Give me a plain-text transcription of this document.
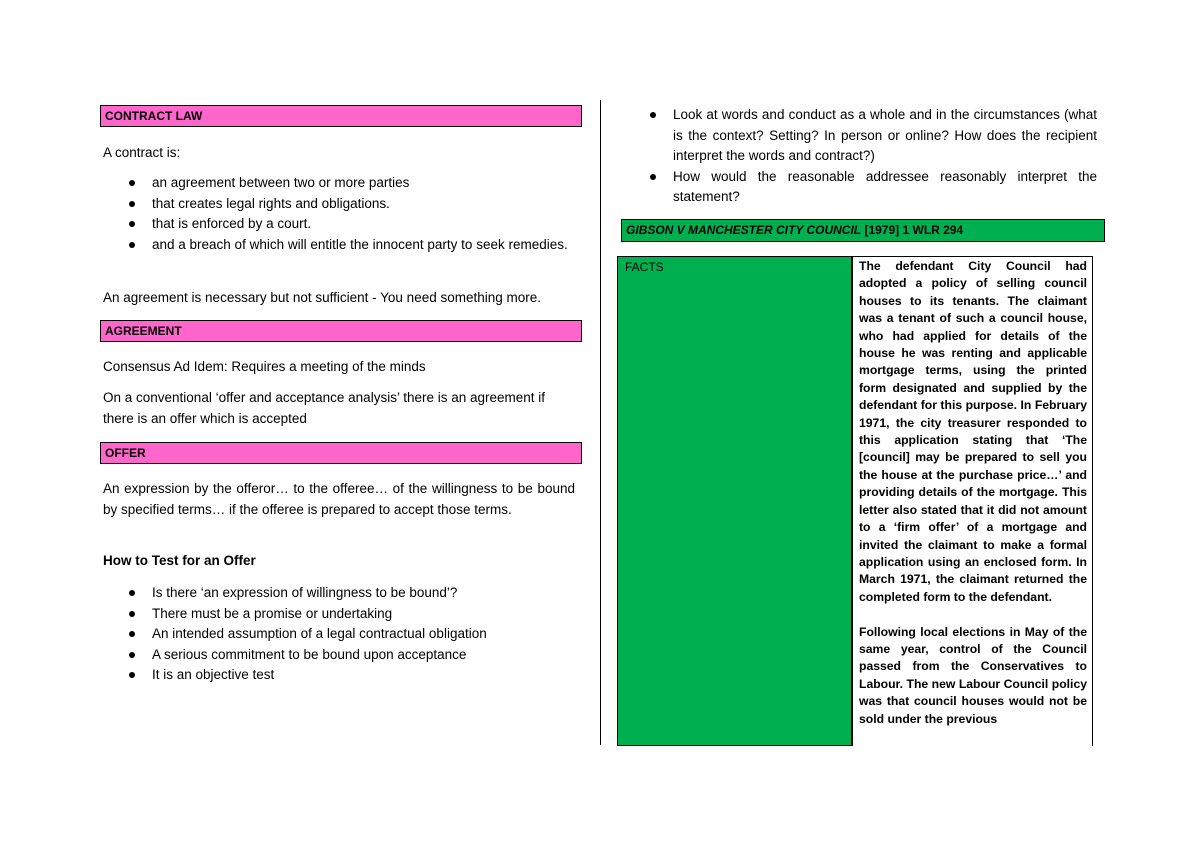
CONTRACT LAW
A contract is:
an agreement between two or more parties
that creates legal rights and obligations.
that is enforced by a court.
and a breach of which will entitle the innocent party to seek remedies.
An agreement is necessary but not sufficient - You need something more.
AGREEMENT
Consensus Ad Idem: Requires a meeting of the minds
On a conventional ‘offer and acceptance analysis’ there is an agreement if there is an offer which is accepted
OFFER
An expression by the offeror… to the offeree… of the willingness to be bound by specified terms… if the offeree is prepared to accept those terms.
How to Test for an Offer
Is there ‘an expression of willingness to be bound’?
There must be a promise or undertaking
An intended assumption of a legal contractual obligation
A serious commitment to be bound upon acceptance
It is an objective test
Look at words and conduct as a whole and in the circumstances (what is the context? Setting? In person or online? How does the recipient interpret the words and contract?)
How would the reasonable addressee reasonably interpret the statement?
GIBSON V MANCHESTER CITY COUNCIL [1979] 1 WLR 294
FACTS	The defendant City Council had adopted a policy of selling council houses to its tenants. The claimant was a tenant of such a council house, who had applied for details of the house he was renting and applicable mortgage terms, using the printed form designated and supplied by the defendant for this purpose. In February 1971, the city treasurer responded to this application stating that ‘The [council] may be prepared to sell you the house at the purchase price…’ and providing details of the mortgage. This letter also stated that it did not amount to a ‘firm offer’ of a mortgage and invited the claimant to make a formal application using an enclosed form. In March 1971, the claimant returned the completed form to the defendant.

Following local elections in May of the same year, control of the Council passed from the Conservatives to Labour. The new Labour Council policy was that council houses would not be sold under the previous
